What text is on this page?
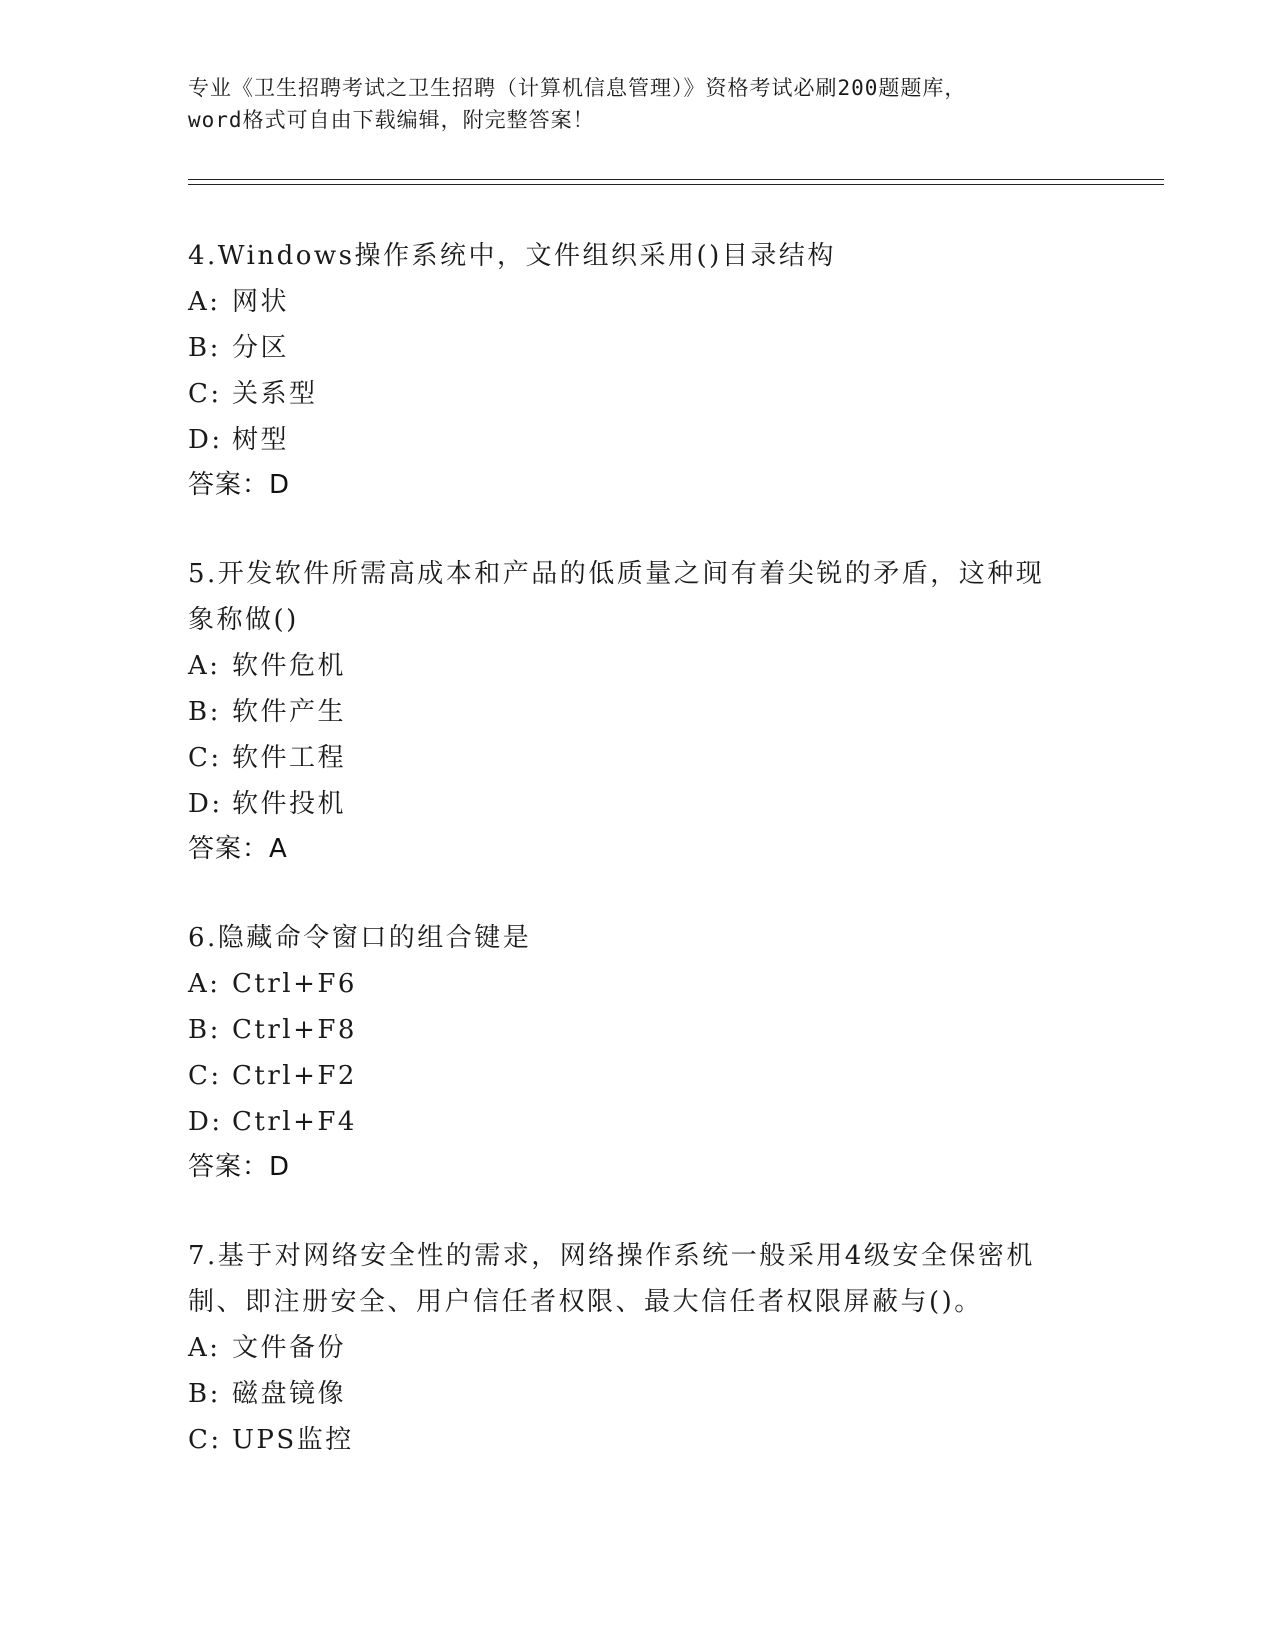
专业《卫生招聘考试之卫生招聘（计算机信息管理）》资格考试必刷200题题库，
word格式可自由下载编辑，附完整答案！
4.Windows操作系统中，文件组织采用()目录结构
A: 网状
B: 分区
C: 关系型
D: 树型
答案：D
5.开发软件所需高成本和产品的低质量之间有着尖锐的矛盾，这种现
象称做()
A: 软件危机
B: 软件产生
C: 软件工程
D: 软件投机
答案：A
6.隐藏命令窗口的组合键是
A: Ctrl+F6
B: Ctrl+F8
C: Ctrl+F2
D: Ctrl+F4
答案：D
7.基于对网络安全性的需求，网络操作系统一般采用4级安全保密机
制、即注册安全、用户信任者权限、最大信任者权限屏蔽与()。
A: 文件备份
B: 磁盘镜像
C: UPS监控
